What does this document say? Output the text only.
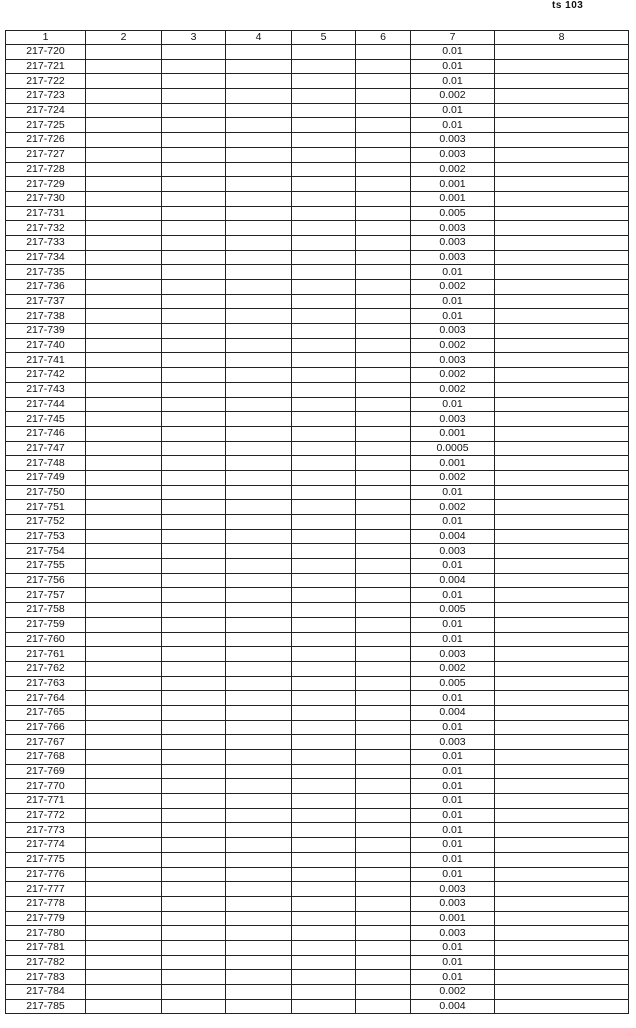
ts 103
1	2	3	4	5	6	7	8
217-720						0.01	
217-721						0.01	
217-722						0.01	
217-723						0.002	
217-724						0.01	
217-725						0.01	
217-726						0.003	
217-727						0.003	
217-728						0.002	
217-729						0.001	
217-730						0.001	
217-731						0.005	
217-732						0.003	
217-733						0.003	
217-734						0.003	
217-735						0.01	
217-736						0.002	
217-737						0.01	
217-738						0.01	
217-739						0.003	
217-740						0.002	
217-741						0.003	
217-742						0.002	
217-743						0.002	
217-744						0.01	
217-745						0.003	
217-746						0.001	
217-747						0.0005	
217-748						0.001	
217-749						0.002	
217-750						0.01	
217-751						0.002	
217-752						0.01	
217-753						0.004	
217-754						0.003	
217-755						0.01	
217-756						0.004	
217-757						0.01	
217-758						0.005	
217-759						0.01	
217-760						0.01	
217-761						0.003	
217-762						0.002	
217-763						0.005	
217-764						0.01	
217-765						0.004	
217-766						0.01	
217-767						0.003	
217-768						0.01	
217-769						0.01	
217-770						0.01	
217-771						0.01	
217-772						0.01	
217-773						0.01	
217-774						0.01	
217-775						0.01	
217-776						0.01	
217-777						0.003	
217-778						0.003	
217-779						0.001	
217-780						0.003	
217-781						0.01	
217-782						0.01	
217-783						0.01	
217-784						0.002	
217-785						0.004	
